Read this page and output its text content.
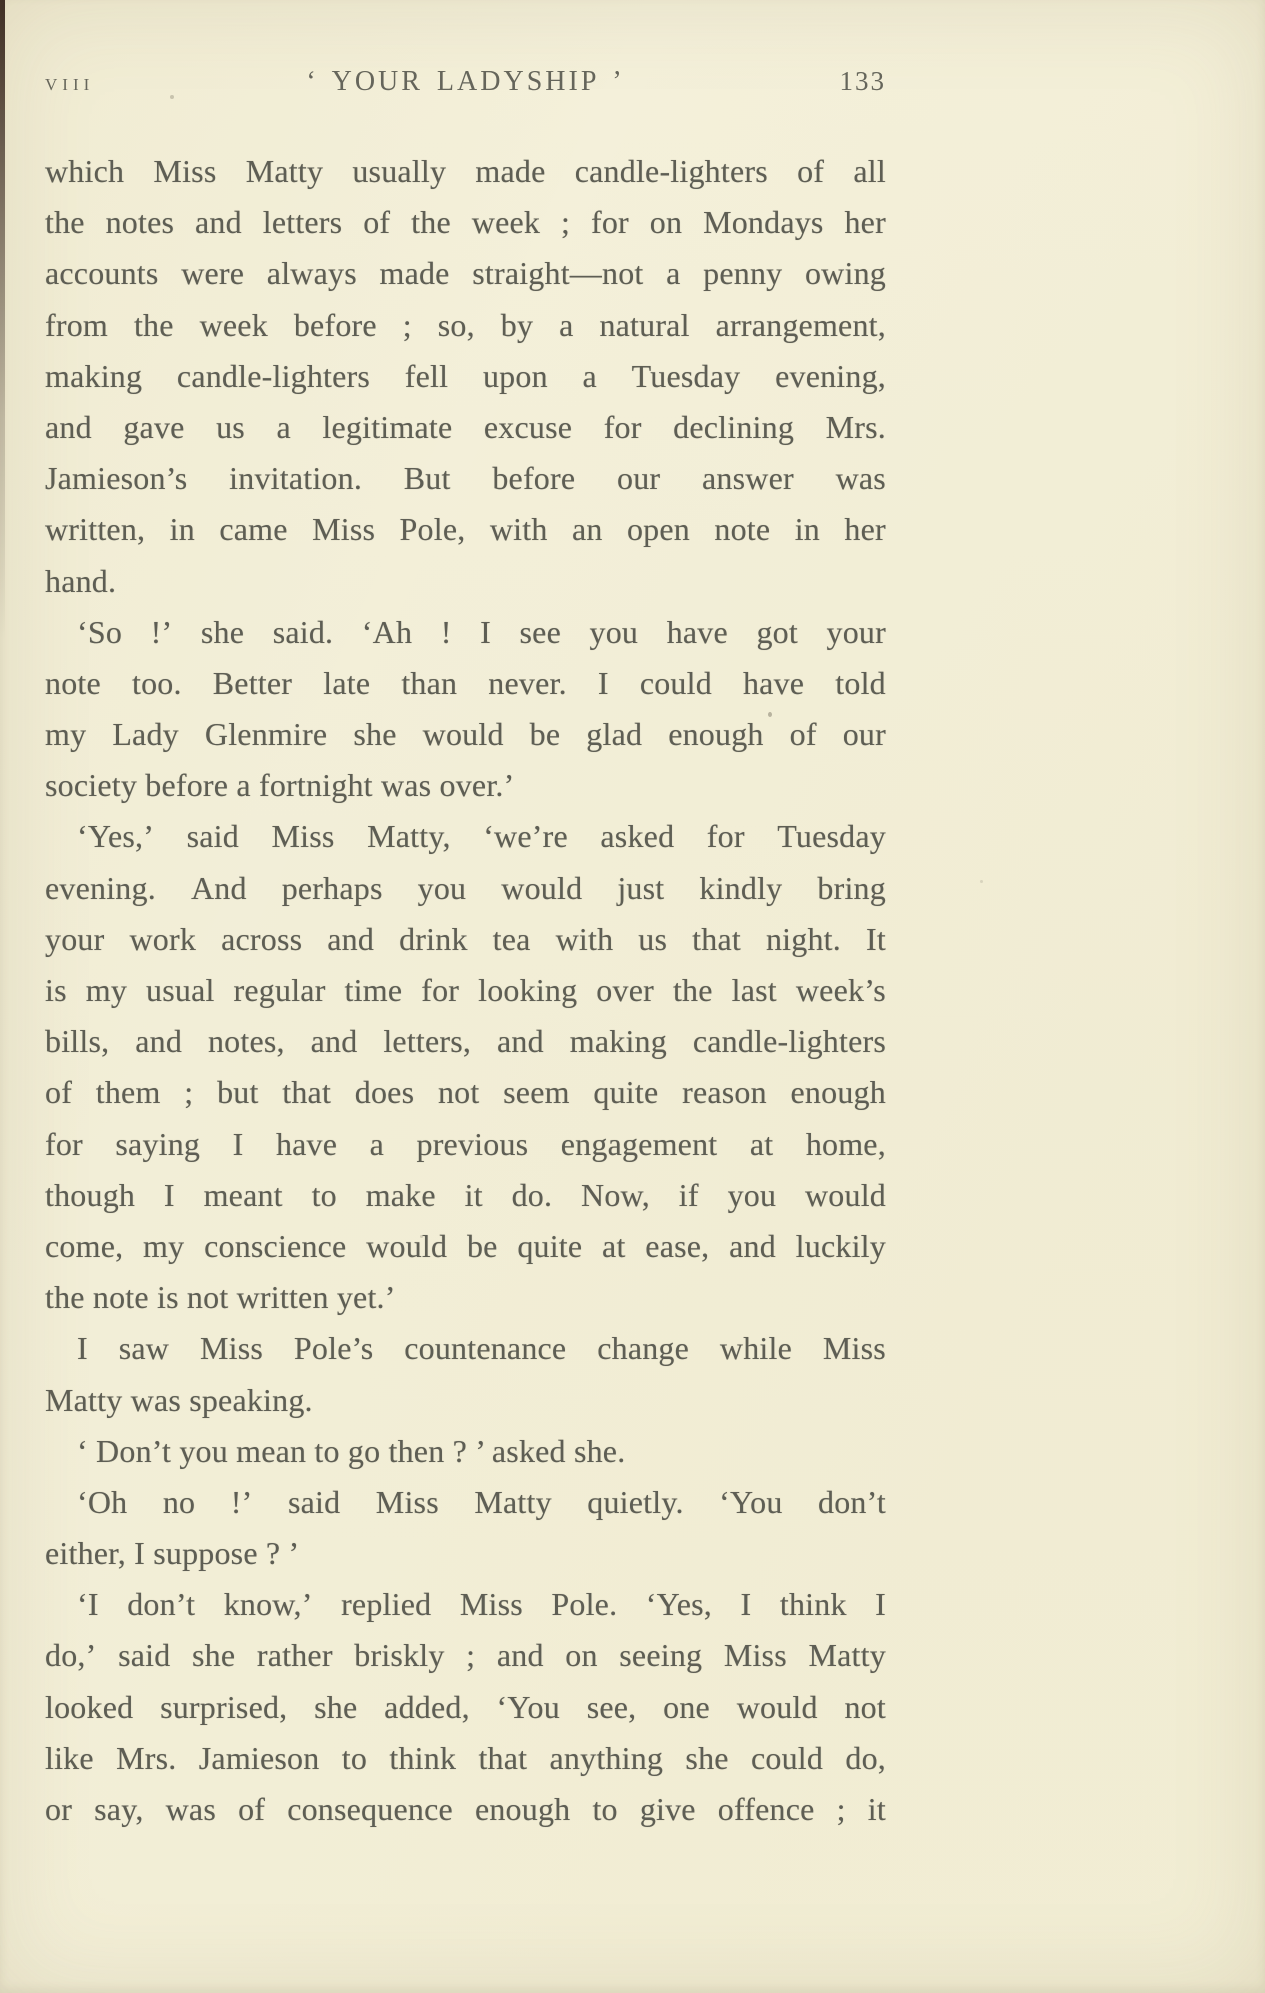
viii	‘ YOUR LADYSHIP ’	133
which Miss Matty usually made candle-lighters of all
the notes and letters of the week ; for on Mondays her
accounts were always made straight—not a penny owing
from the week before ; so, by a natural arrangement,
making candle-lighters fell upon a Tuesday evening,
and gave us a legitimate excuse for declining Mrs.
Jamieson’s invitation. But before our answer was
written, in came Miss Pole, with an open note in her
hand.
‘So !’ she said. ‘Ah ! I see you have got your
note too. Better late than never. I could have told
my Lady Glenmire she would be glad enough of our
society before a fortnight was over.’
‘Yes,’ said Miss Matty, ‘we’re asked for Tuesday
evening. And perhaps you would just kindly bring
your work across and drink tea with us that night. It
is my usual regular time for looking over the last week’s
bills, and notes, and letters, and making candle-lighters
of them ; but that does not seem quite reason enough
for saying I have a previous engagement at home,
though I meant to make it do. Now, if you would
come, my conscience would be quite at ease, and luckily
the note is not written yet.’
I saw Miss Pole’s countenance change while Miss
Matty was speaking.
‘ Don’t you mean to go then ? ’ asked she.
‘Oh no !’ said Miss Matty quietly. ‘You don’t
either, I suppose ? ’
‘I don’t know,’ replied Miss Pole. ‘Yes, I think I
do,’ said she rather briskly ; and on seeing Miss Matty
looked surprised, she added, ‘You see, one would not
like Mrs. Jamieson to think that anything she could do,
or say, was of consequence enough to give offence ; it
